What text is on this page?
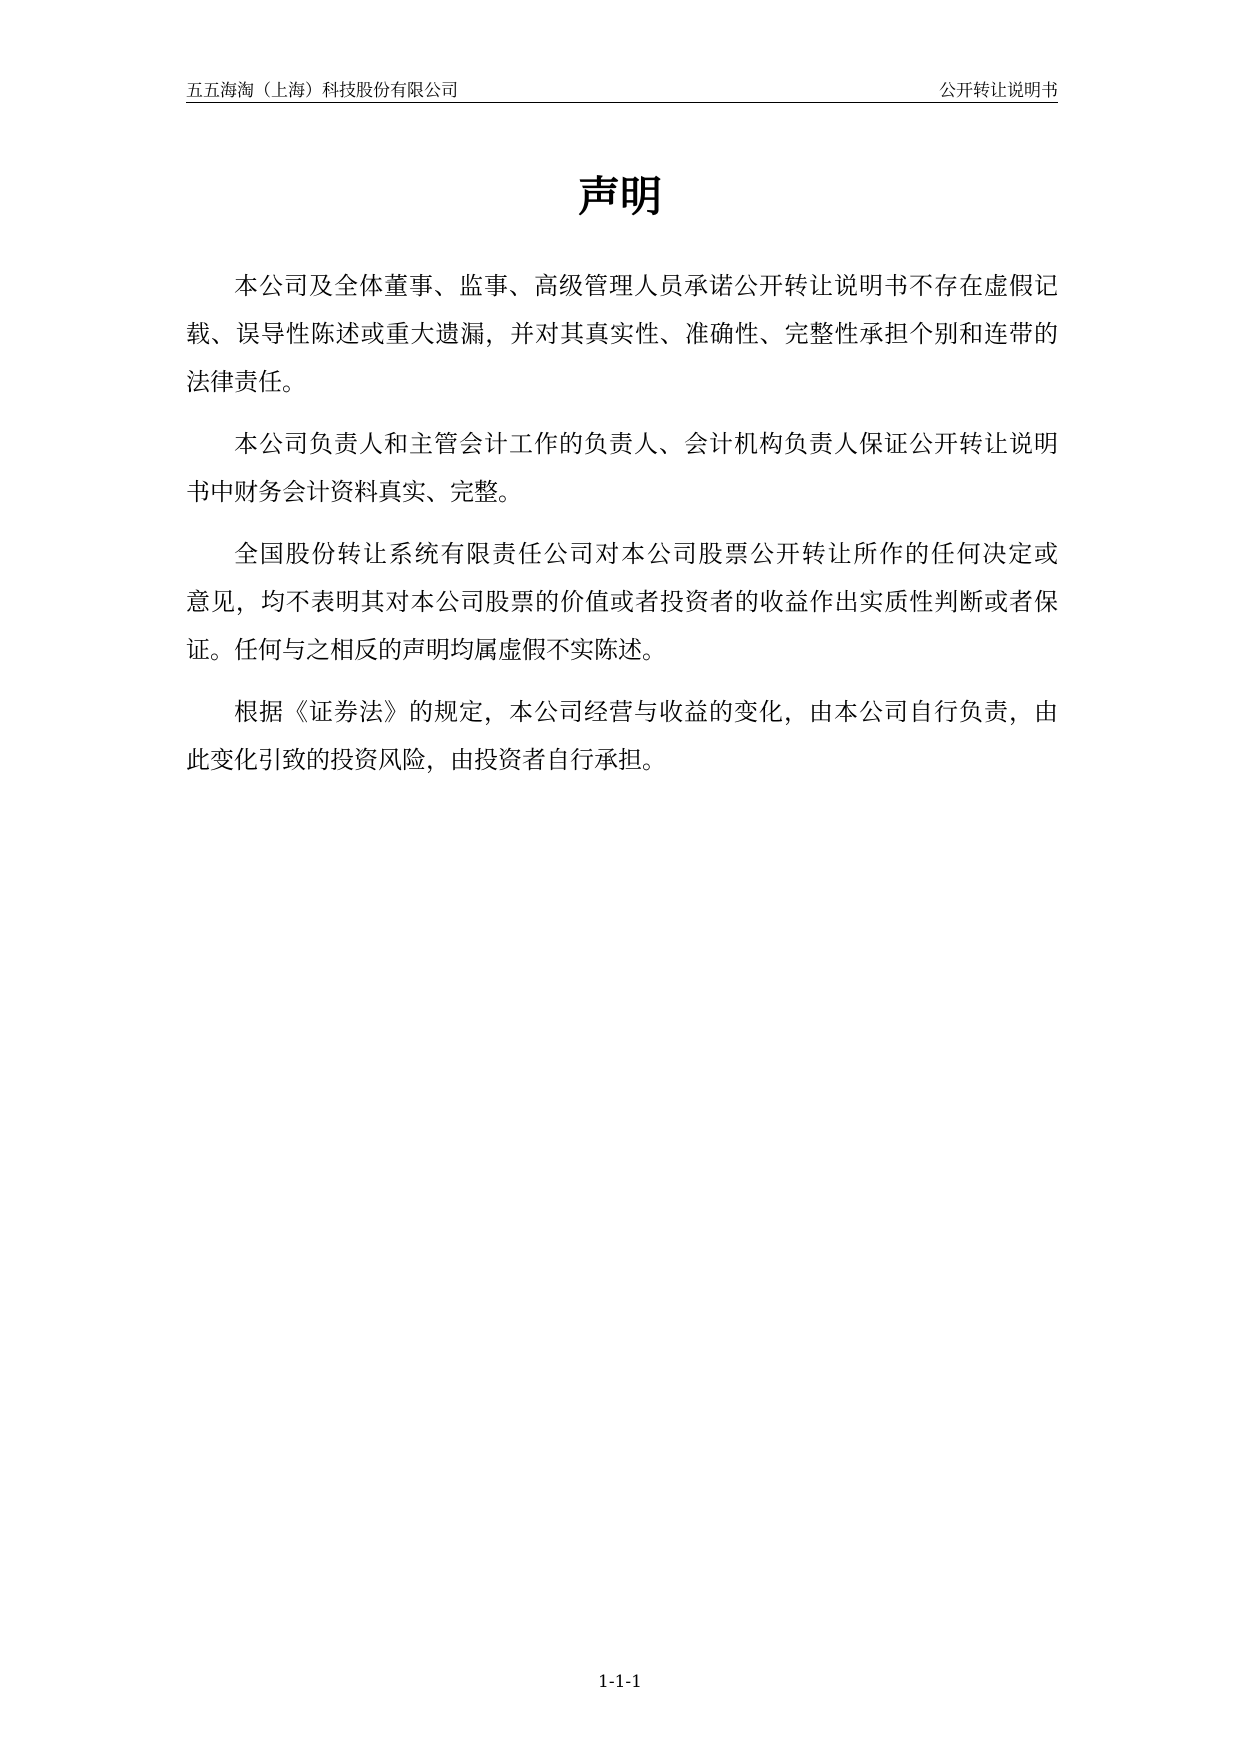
五五海淘（上海）科技股份有限公司	公开转让说明书
声明
本公司及全体董事、监事、高级管理人员承诺公开转让说明书不存在虚假记
载、误导性陈述或重大遗漏，并对其真实性、准确性、完整性承担个别和连带的
法律责任。
本公司负责人和主管会计工作的负责人、会计机构负责人保证公开转让说明
书中财务会计资料真实、完整。
全国股份转让系统有限责任公司对本公司股票公开转让所作的任何决定或
意见，均不表明其对本公司股票的价值或者投资者的收益作出实质性判断或者保
证。任何与之相反的声明均属虚假不实陈述。
根据《证券法》的规定，本公司经营与收益的变化，由本公司自行负责，由
此变化引致的投资风险，由投资者自行承担。
1-1-1
